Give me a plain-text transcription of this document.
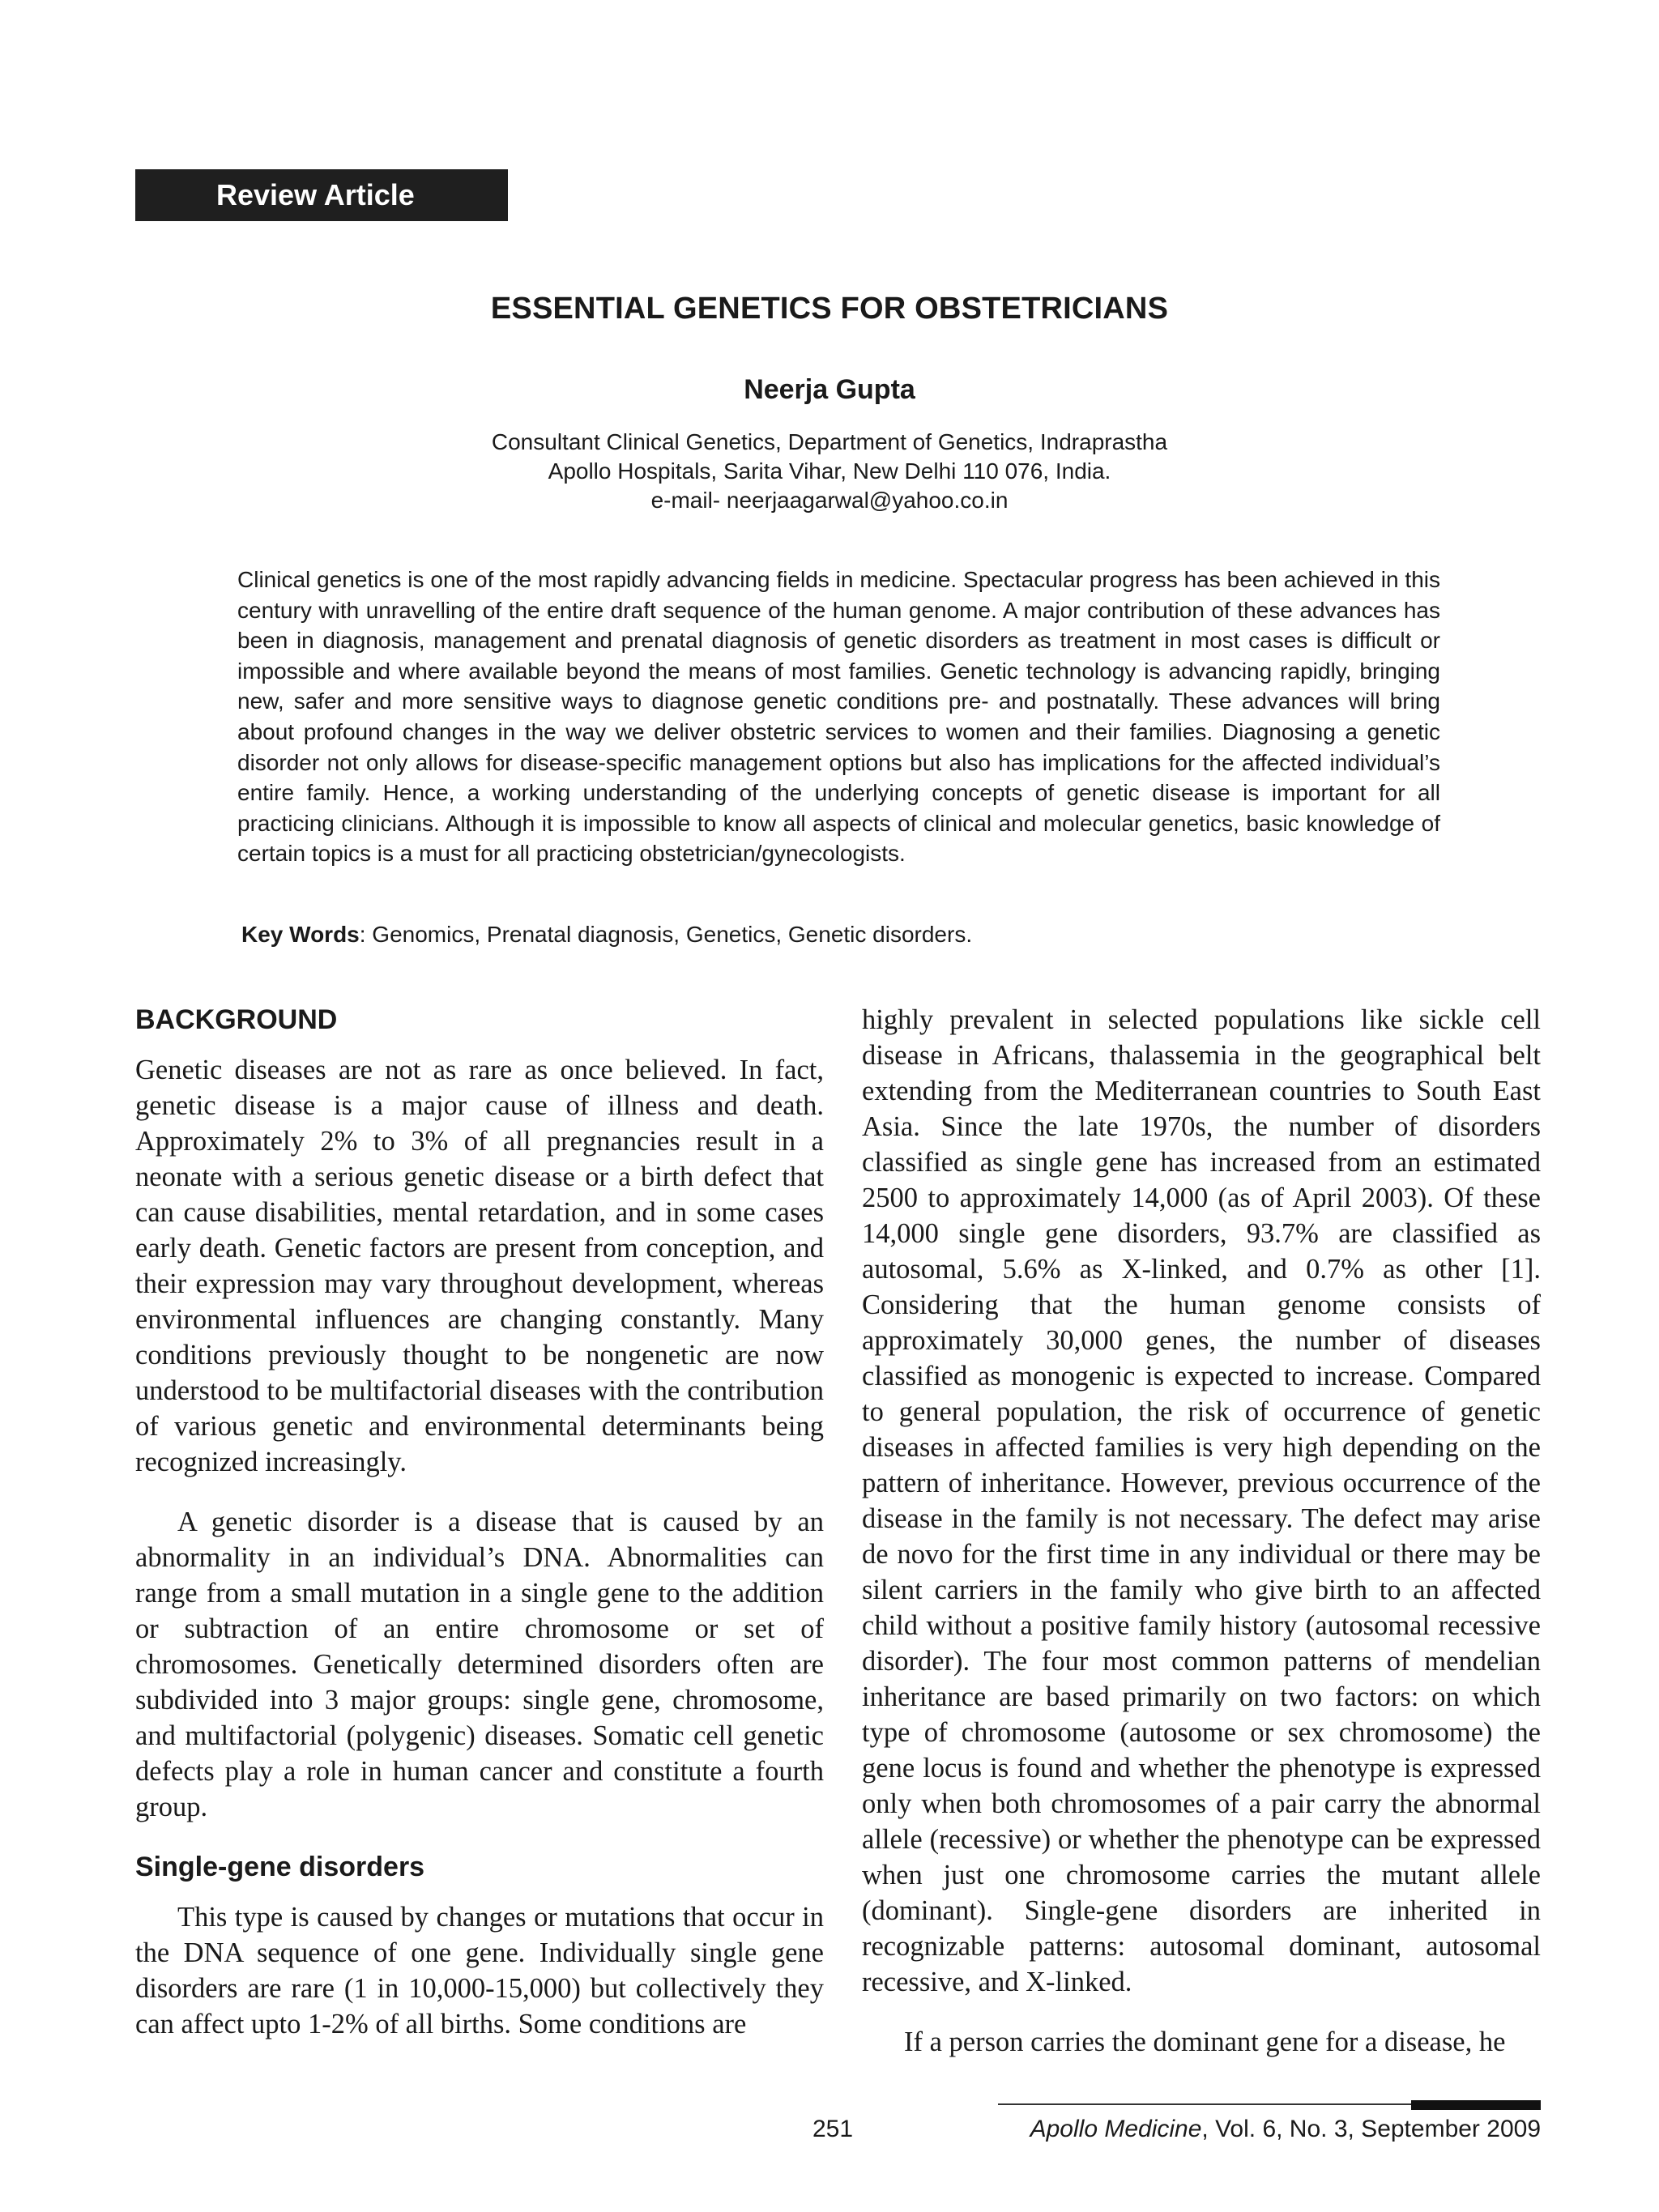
Review Article
ESSENTIAL GENETICS FOR OBSTETRICIANS
Neerja Gupta
Consultant Clinical Genetics, Department of Genetics, Indraprastha
Apollo Hospitals, Sarita Vihar, New Delhi 110 076, India.
e-mail- neerjaagarwal@yahoo.co.in
Clinical genetics is one of the most rapidly advancing fields in medicine. Spectacular progress has been achieved in this century with unravelling of the entire draft sequence of the human genome. A major contribution of these advances has been in diagnosis, management and prenatal diagnosis of genetic disorders as treatment in most cases is difficult or impossible and where available beyond the means of most families. Genetic technology is advancing rapidly, bringing new, safer and more sensitive ways to diagnose genetic conditions pre- and postnatally. These advances will bring about profound changes in the way we deliver obstetric services to women and their families. Diagnosing a genetic disorder not only allows for disease-specific management options but also has implications for the affected individual’s entire family. Hence, a working understanding of the underlying concepts of genetic disease is important for all practicing clinicians. Although it is impossible to know all aspects of clinical and molecular genetics, basic knowledge of certain topics is a must for all practicing obstetrician/gynecologists.
Key Words: Genomics, Prenatal diagnosis, Genetics, Genetic disorders.
BACKGROUND

Genetic diseases are not as rare as once believed. In fact, genetic disease is a major cause of illness and death. Approximately 2% to 3% of all pregnancies result in a neonate with a serious genetic disease or a birth defect that can cause disabilities, mental retardation, and in some cases early death. Genetic factors are present from conception, and their expression may vary throughout development, whereas environmental influences are changing constantly. Many conditions previously thought to be nongenetic are now understood to be multifactorial diseases with the contribution of various genetic and environmental determinants being recognized increasingly.

A genetic disorder is a disease that is caused by an abnormality in an individual’s DNA. Abnormalities can range from a small mutation in a single gene to the addition or subtraction of an entire chromosome or set of chromosomes. Genetically determined disorders often are subdivided into 3 major groups: single gene, chromosome, and multifactorial (polygenic) diseases. Somatic cell genetic defects play a role in human cancer and constitute a fourth group.

Single-gene disorders

This type is caused by changes or mutations that occur in the DNA sequence of one gene. Individually single gene disorders are rare (1 in 10,000-15,000) but collectively they can affect upto 1-2% of all births. Some conditions are

highly prevalent in selected populations like sickle cell disease in Africans, thalassemia in the geographical belt extending from the Mediterranean countries to South East Asia. Since the late 1970s, the number of disorders classified as single gene has increased from an estimated 2500 to approximately 14,000 (as of April 2003). Of these 14,000 single gene disorders, 93.7% are classified as autosomal, 5.6% as X-linked, and 0.7% as other [1]. Considering that the human genome consists of approximately 30,000 genes, the number of diseases classified as monogenic is expected to increase. Compared to general population, the risk of occurrence of genetic diseases in affected families is very high depending on the pattern of inheritance. However, previous occurrence of the disease in the family is not necessary. The defect may arise de novo for the first time in any individual or there may be silent carriers in the family who give birth to an affected child without a positive family history (autosomal recessive disorder). The four most common patterns of mendelian inheritance are based primarily on two factors: on which type of chromosome (autosome or sex chromosome) the gene locus is found and whether the phenotype is expressed only when both chromosomes of a pair carry the abnormal allele (recessive) or whether the phenotype can be expressed when just one chromosome carries the mutant allele (dominant). Single-gene disorders are inherited in recognizable patterns: autosomal dominant, autosomal recessive, and X-linked.

If a person carries the dominant gene for a disease, he

251	Apollo Medicine, Vol. 6, No. 3, September 2009
